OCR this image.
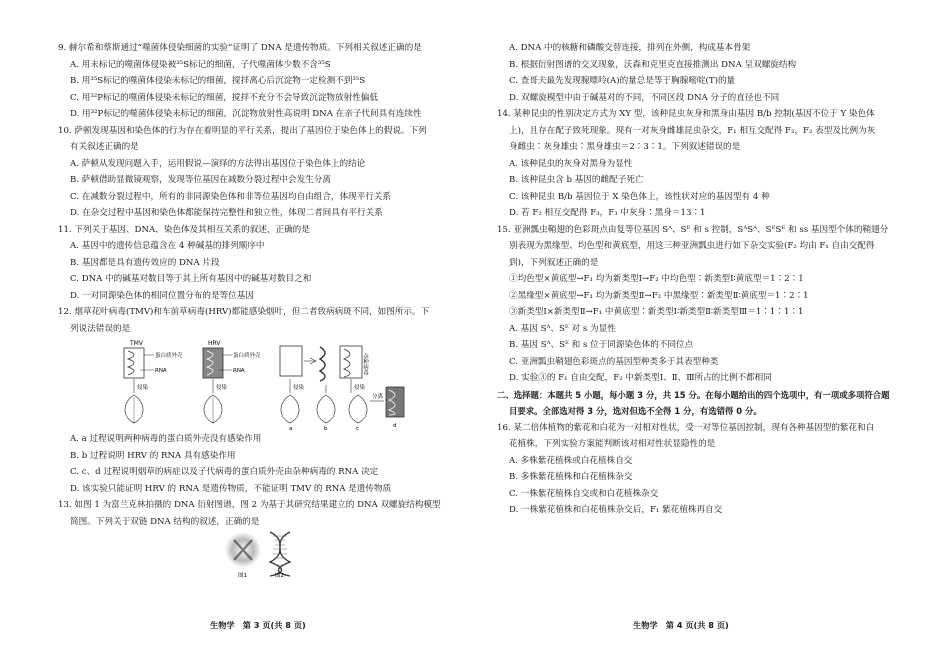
9. 赫尔希和蔡斯通过“噬菌体侵染细菌的实验”证明了 DNA 是遗传物质。下列相关叙述正确的是
A. 用未标记的噬菌体侵染被³⁵S标记的细菌，子代噬菌体少数不含³⁵S
B. 用³⁵S标记的噬菌体侵染未标记的细菌，搅拌离心后沉淀物一定检测不到³⁵S
C. 用³²P标记的噬菌体侵染未标记的细菌，搅拌不充分不会导致沉淀物放射性偏低
D. 用³²P标记的噬菌体侵染未标记的细菌，沉淀物放射性高说明 DNA 在亲子代间具有连续性
10. 萨顿发现基因和染色体的行为存在着明显的平行关系，提出了基因位于染色体上的假说。下列
有关叙述正确的是
A. 萨顿从发现问题入手，运用假说—演绎的方法得出基因位于染色体上的结论
B. 萨顿借助显微镜观察，发现等位基因在减数分裂过程中会发生分离
C. 在减数分裂过程中，所有的非同源染色体和非等位基因均自由组合，体现平行关系
D. 在杂交过程中基因和染色体都能保持完整性和独立性，体现二者间具有平行关系
11. 下列关于基因、DNA、染色体及其相互关系的叙述，正确的是
A. 基因中的遗传信息蕴含在 4 种碱基的排列顺序中
B. 基因都是具有遗传效应的 DNA 片段
C. DNA 中的碱基对数目等于其上所有基因中的碱基对数目之和
D. 一对同源染色体的相同位置分布的是等位基因
12. 烟草花叶病毒(TMV)和车前草病毒(HRV)都能感染烟叶，但二者致病病斑不同，如图所示。下
列说法错误的是
TMV
蛋白质外壳
RNA
侵染
HRV
蛋白质外壳
RNA
侵染
杂种病毒
侵染	侵染
分离
a	b	c	d
A. a 过程说明两种病毒的蛋白质外壳没有感染作用
B. b 过程说明 HRV 的 RNA 具有感染作用
C. c、d 过程说明烟草的病症以及子代病毒的蛋白质外壳由杂种病毒的 RNA 决定
D. 该实验只能证明 HRV 的 RNA 是遗传物质，不能证明 TMV 的 RNA 是遗传物质
13. 如图 1 为富兰克林拍摄的 DNA 衍射图谱，图 2 为基于其研究结果建立的 DNA 双螺旋结构模型
简图。下列关于双链 DNA 结构的叙述，正确的是
图1	图2
A. DNA 中的核糖和磷酸交替连接，排列在外侧，构成基本骨架
B. 根据衍射图谱的交叉现象，沃森和克里克直接推测出 DNA 呈双螺旋结构
C. 查哥夫最先发现腺嘌呤(A)的量总是等于胸腺嘧啶(T)的量
D. 双螺旋模型中由于碱基对的不同，不同区段 DNA 分子的直径也不同
14. 某种昆虫的性别决定方式为 XY 型，该种昆虫灰身和黑身由基因 B/b 控制(基因不位于 Y 染色体
上)，且存在配子致死现象。现有一对灰身雌雄昆虫杂交，F₁ 相互交配得 F₂，F₂ 表型及比例为灰
身雌虫∶灰身雄虫∶黑身雄虫＝2∶3∶1。下列叙述错误的是
A. 该种昆虫的灰身对黑身为显性
B. 该种昆虫含 b 基因的雌配子死亡
C. 该种昆虫 B/b 基因位于 X 染色体上，该性状对应的基因型有 4 种
D. 若 F₂ 相互交配得 F₃，F₃ 中灰身∶黑身＝13∶1
15. 亚洲瓢虫鞘翅的色彩斑点由复等位基因 Sᴬ、Sᴱ 和 s 控制，SᴬSᴬ、SᴱSᴱ 和 ss 基因型个体的鞘翅分
别表现为黑缘型、均色型和黄底型，用这三种亚洲瓢虫进行如下杂交实验(F₂ 均由 F₁ 自由交配得
到)，下列叙述正确的是
①均色型×黄底型→F₁ 均为新类型Ⅰ→F₂ 中均色型∶新类型Ⅰ∶黄底型＝1∶2∶1
②黑缘型×黄底型→F₁ 均为新类型Ⅱ→F₂ 中黑缘型∶新类型Ⅱ∶黄底型＝1∶2∶1
③新类型Ⅰ×新类型Ⅱ→F₁ 中黄底型∶新类型Ⅰ∶新类型Ⅱ∶新类型Ⅲ＝1∶1∶1∶1
A. 基因 Sᴬ、Sᴱ 对 s 为显性
B. 基因 Sᴬ、Sᴱ 和 s 位于同源染色体的不同位点
C. 亚洲瓢虫鞘翅色彩斑点的基因型种类多于其表型种类
D. 实验③的 F₁ 自由交配，F₂ 中新类型Ⅰ、Ⅱ、Ⅲ所占的比例不都相同
二、选择题：本题共 5 小题，每小题 3 分，共 15 分。在每小题给出的四个选项中，有一项或多项符合题
目要求。全部选对得 3 分，选对但选不全得 1 分，有选错得 0 分。
16. 某二倍体植物的紫花和白花为一对相对性状，受一对等位基因控制，现有各种基因型的紫花和白
花植株，下列实验方案能判断该对相对性状显隐性的是
A. 多株紫花植株或白花植株自交
B. 多株紫花植株和白花植株杂交
C. 一株紫花植株自交或和白花植株杂交
D. 一株紫花植株和白花植株杂交后，F₁ 紫花植株再自交
生物学　第 3 页(共 8 页)	生物学　第 4 页(共 8 页)
